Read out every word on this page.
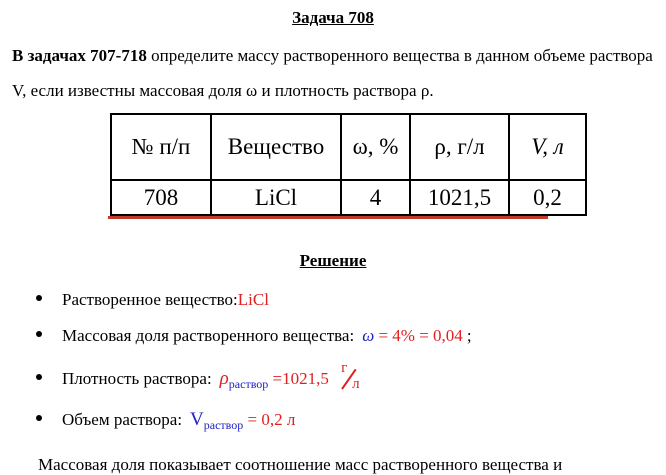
Задача 708
В задачах 707-718 определите массу растворенного вещества в данном объеме раствора V, если известны массовая доля ω и плотность раствора ρ.
№ п/п	Вещество	ω, %	ρ, г/л	V, л
708	LiCl	4	1021,5	0,2
Решение
Растворенное вещество: LiCl
Массовая доля растворенного вещества: ω = 4% = 0,04 ;
Плотность раствора: $\rho_{раствор} =1021,5$
г
л
Объем раствора: $V_{раствор} = 0,2$ л
Массовая доля показывает соотношение масс растворенного вещества и
